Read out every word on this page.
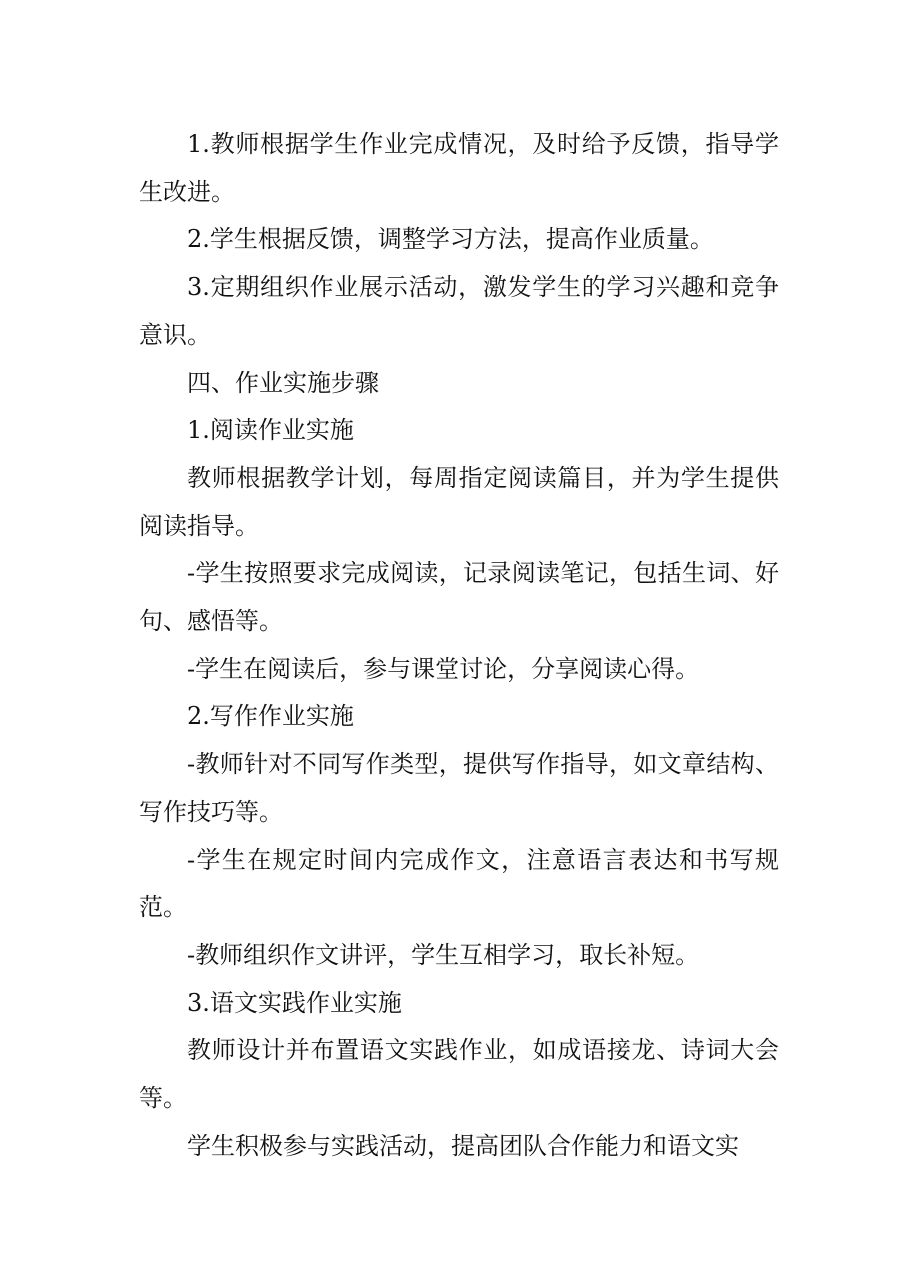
1.教师根据学生作业完成情况，及时给予反馈，指导学生改进。

2.学生根据反馈，调整学习方法，提高作业质量。

3.定期组织作业展示活动，激发学生的学习兴趣和竞争意识。

四、作业实施步骤

1.阅读作业实施

教师根据教学计划，每周指定阅读篇目，并为学生提供阅读指导。

-学生按照要求完成阅读，记录阅读笔记，包括生词、好句、感悟等。

-学生在阅读后，参与课堂讨论，分享阅读心得。

2.写作作业实施

-教师针对不同写作类型，提供写作指导，如文章结构、写作技巧等。

-学生在规定时间内完成作文，注意语言表达和书写规范。

-教师组织作文讲评，学生互相学习，取长补短。

3.语文实践作业实施

教师设计并布置语文实践作业，如成语接龙、诗词大会等。

学生积极参与实践活动，提高团队合作能力和语文实
